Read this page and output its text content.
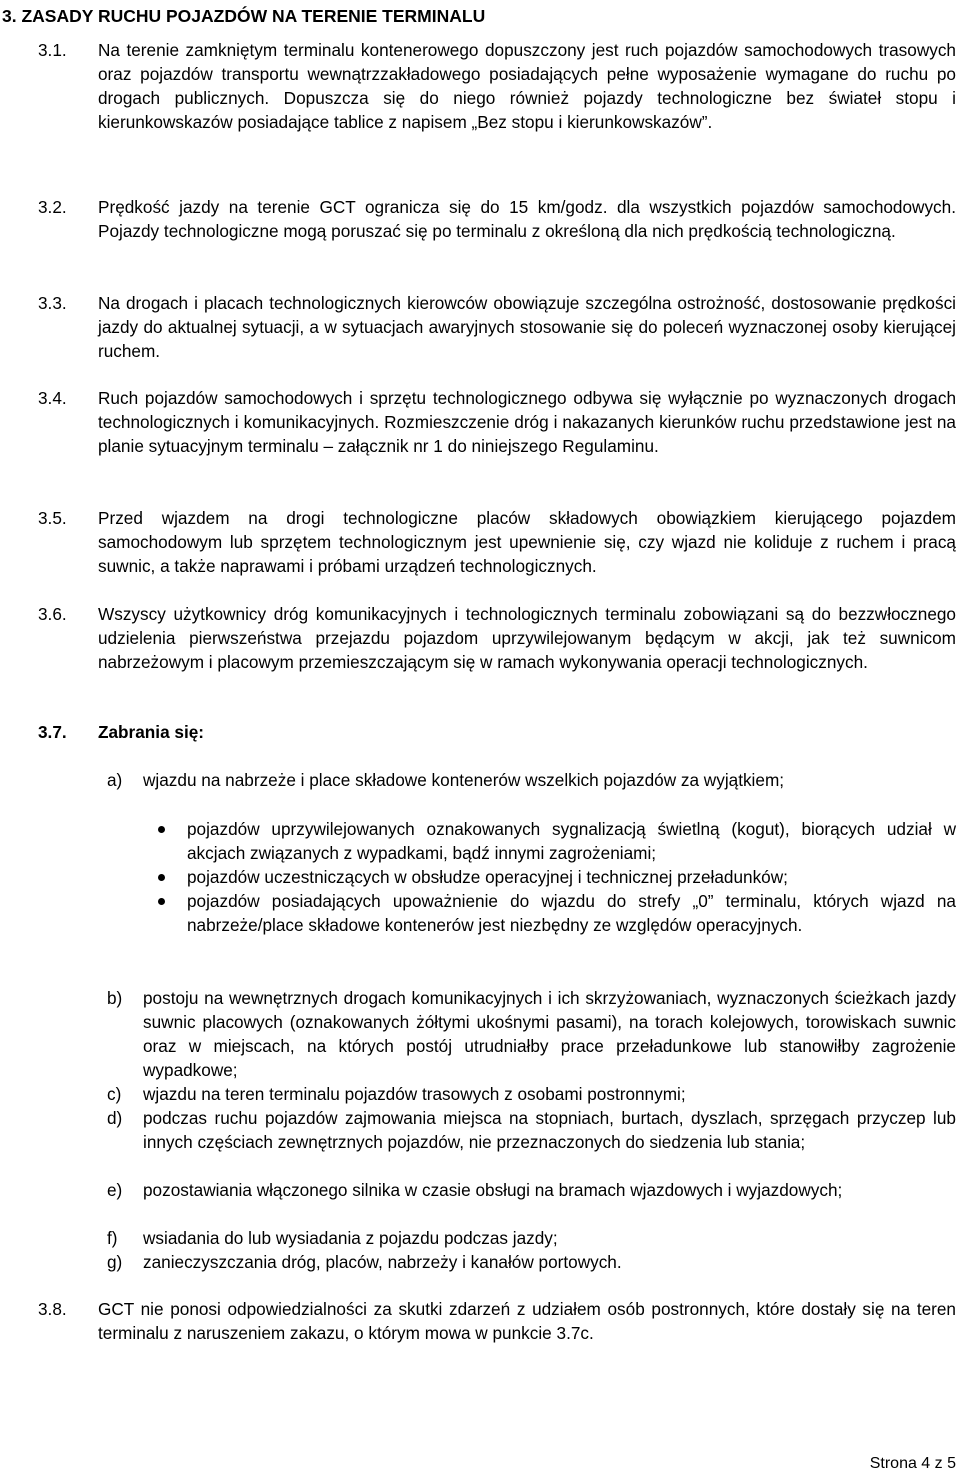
3. ZASADY RUCHU POJAZDÓW NA TERENIE TERMINALU
3.1. Na terenie zamkniętym terminalu kontenerowego dopuszczony jest ruch pojazdów samochodowych trasowych oraz pojazdów transportu wewnątrzzakładowego posiadających pełne wyposażenie wymagane do ruchu po drogach publicznych. Dopuszcza się do niego również pojazdy technologiczne bez świateł stopu i kierunkowskazów posiadające tablice z napisem „Bez stopu i kierunkowskazów”.
3.2. Prędkość jazdy na terenie GCT ogranicza się do 15 km/godz. dla wszystkich pojazdów samochodowych. Pojazdy technologiczne mogą poruszać się po terminalu z określoną dla nich prędkością technologiczną.
3.3. Na drogach i placach technologicznych kierowców obowiązuje szczególna ostrożność, dostosowanie prędkości jazdy do aktualnej sytuacji, a w sytuacjach awaryjnych stosowanie się do poleceń wyznaczonej osoby kierującej ruchem.
3.4. Ruch pojazdów samochodowych i sprzętu technologicznego odbywa się wyłącznie po wyznaczonych drogach technologicznych i komunikacyjnych. Rozmieszczenie dróg i nakazanych kierunków ruchu przedstawione jest na planie sytuacyjnym terminalu – załącznik nr 1 do niniejszego Regulaminu.
3.5. Przed wjazdem na drogi technologiczne placów składowych obowiązkiem kierującego pojazdem samochodowym lub sprzętem technologicznym jest upewnienie się, czy wjazd nie koliduje z ruchem i pracą suwnic, a także naprawami i próbami urządzeń technologicznych.
3.6. Wszyscy użytkownicy dróg komunikacyjnych i technologicznych terminalu zobowiązani są do bezzwłocznego udzielenia pierwszeństwa przejazdu pojazdom uprzywilejowanym będącym w akcji, jak też suwnicom nabrzeżowym i placowym przemieszczającym się w ramach wykonywania operacji technologicznych.
3.7. Zabrania się:
a) wjazdu na nabrzeże i place składowe kontenerów wszelkich pojazdów za wyjątkiem;
pojazdów uprzywilejowanych oznakowanych sygnalizacją świetlną (kogut), biorących udział w akcjach związanych z wypadkami, bądź innymi zagrożeniami;
pojazdów uczestniczących w obsłudze operacyjnej i technicznej przeładunków;
pojazdów posiadających upoważnienie do wjazdu do strefy „0” terminalu, których wjazd na nabrzeże/place składowe kontenerów jest niezbędny ze względów operacyjnych.
b) postoju na wewnętrznych drogach komunikacyjnych i ich skrzyżowaniach, wyznaczonych ścieżkach jazdy suwnic placowych (oznakowanych żółtymi ukośnymi pasami), na torach kolejowych, torowiskach suwnic oraz w miejscach, na których postój utrudniałby prace przeładunkowe lub stanowiłby zagrożenie wypadkowe;
c) wjazdu na teren terminalu pojazdów trasowych z osobami postronnymi;
d) podczas ruchu pojazdów zajmowania miejsca na stopniach, burtach, dyszlach, sprzęgach przyczep lub innych częściach zewnętrznych pojazdów, nie przeznaczonych do siedzenia lub stania;
e) pozostawiania włączonego silnika w czasie obsługi na bramach wjazdowych i wyjazdowych;
f) wsiadania do lub wysiadania z pojazdu podczas jazdy;
g) zanieczyszczania dróg, placów, nabrzeży i kanałów portowych.
3.8. GCT nie ponosi odpowiedzialności za skutki zdarzeń z udziałem osób postronnych, które dostały się na teren terminalu z naruszeniem zakazu, o którym mowa w punkcie 3.7c.
Strona 4 z 5
